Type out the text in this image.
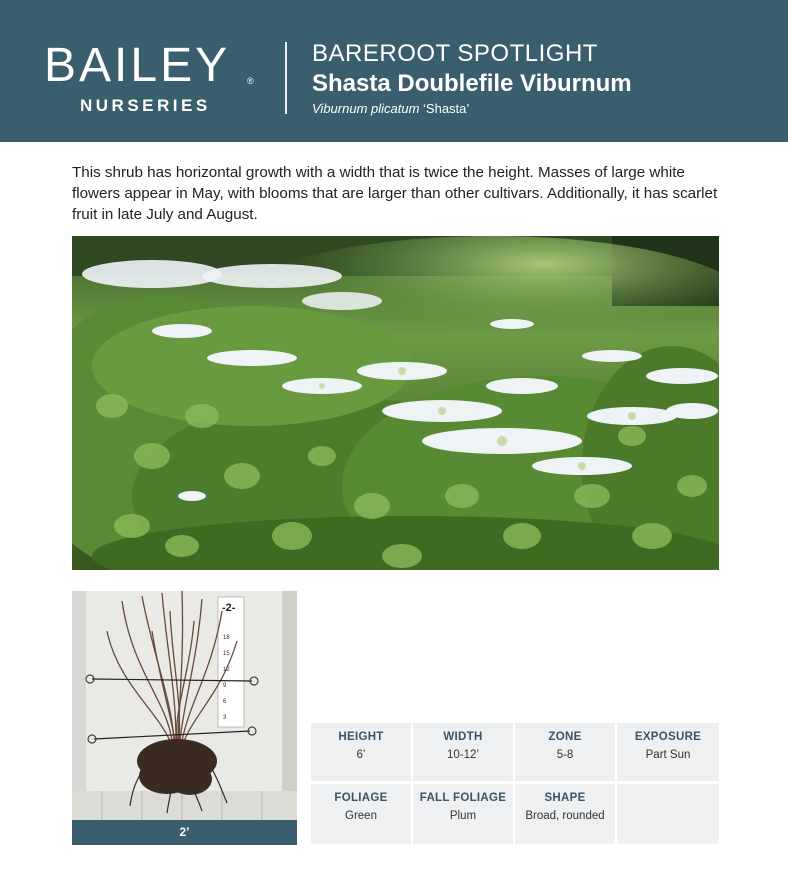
BAILEY ®
NURSERIES
BAREROOT SPOTLIGHT
Shasta Doublefile Viburnum
Viburnum plicatum ‘Shasta’

This shrub has horizontal growth with a width that is twice the height. Masses of large white flowers appear in May, with blooms that are larger than other cultivars. Additionally, it has scarlet fruit in late July and August.

-2-
18
15
12
9
6
3
2’
HEIGHT
6’
WIDTH
10-12’
ZONE
5-8
EXPOSURE
Part Sun
FOLIAGE
Green
FALL FOLIAGE
Plum
SHAPE
Broad, rounded
